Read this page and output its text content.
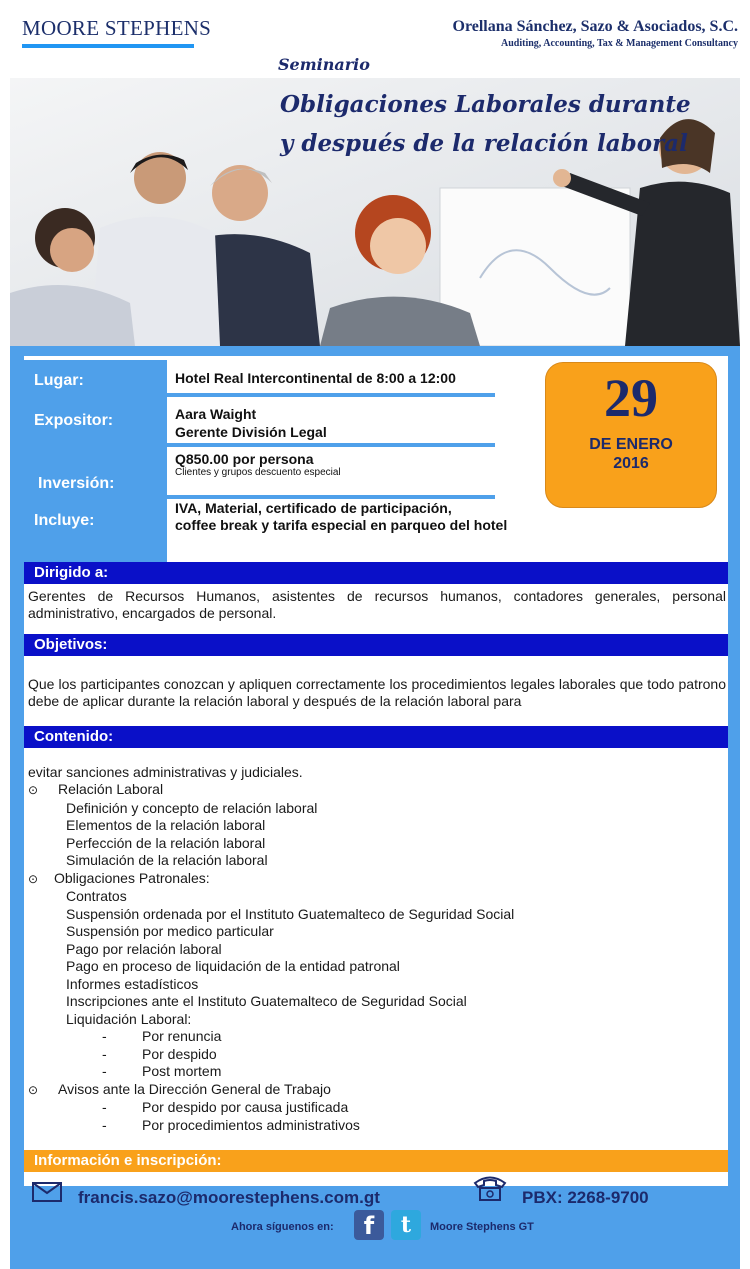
MOORE STEPHENS	Orellana Sánchez, Sazo & Asociados, S.C.
Auditing, Accounting, Tax & Management Consultancy
Seminario
Obligaciones Laborales durante
y después de la relación laboral
Lugar:	Hotel Real Intercontinental de 8:00 a 12:00
Expositor:	Aara Waight
Gerente División Legal
Inversión:
Q850.00 por persona
Clientes y grupos descuento especial
Incluye:
IVA, Material, certificado de participación,
coffee break y tarifa especial en parqueo del hotel
29
DE ENERO
2016
Dirigido a:
Gerentes de Recursos Humanos, asistentes de recursos humanos, contadores generales, personal administrativo, encargados de personal.
Objetivos:
Que los participantes conozcan y apliquen correctamente los procedimientos legales laborales que todo patrono debe de aplicar durante la relación laboral y después de la relación laboral para
Contenido:
evitar sanciones administrativas y judiciales.
⊙	Relación Laboral
Definición y concepto de relación laboral
Elementos de la relación laboral
Perfección de la relación laboral
Simulación de la relación laboral
⊙	Obligaciones Patronales:
Contratos
Suspensión ordenada por el Instituto Guatemalteco de Seguridad Social
Suspensión por medico particular
Pago por relación laboral
Pago en proceso de liquidación de la entidad patronal
Informes estadísticos
Inscripciones ante el Instituto Guatemalteco de Seguridad Social
Liquidación Laboral:
-	Por renuncia
-	Por despido
-	Post mortem
⊙	Avisos ante la Dirección General de Trabajo
-	Por despido por causa justificada
-	Por procedimientos administrativos
Información e inscripción:
francis.sazo@moorestephens.com.gt	PBX: 2268-9700
Ahora síguenos en:	f	t	Moore Stephens GT
